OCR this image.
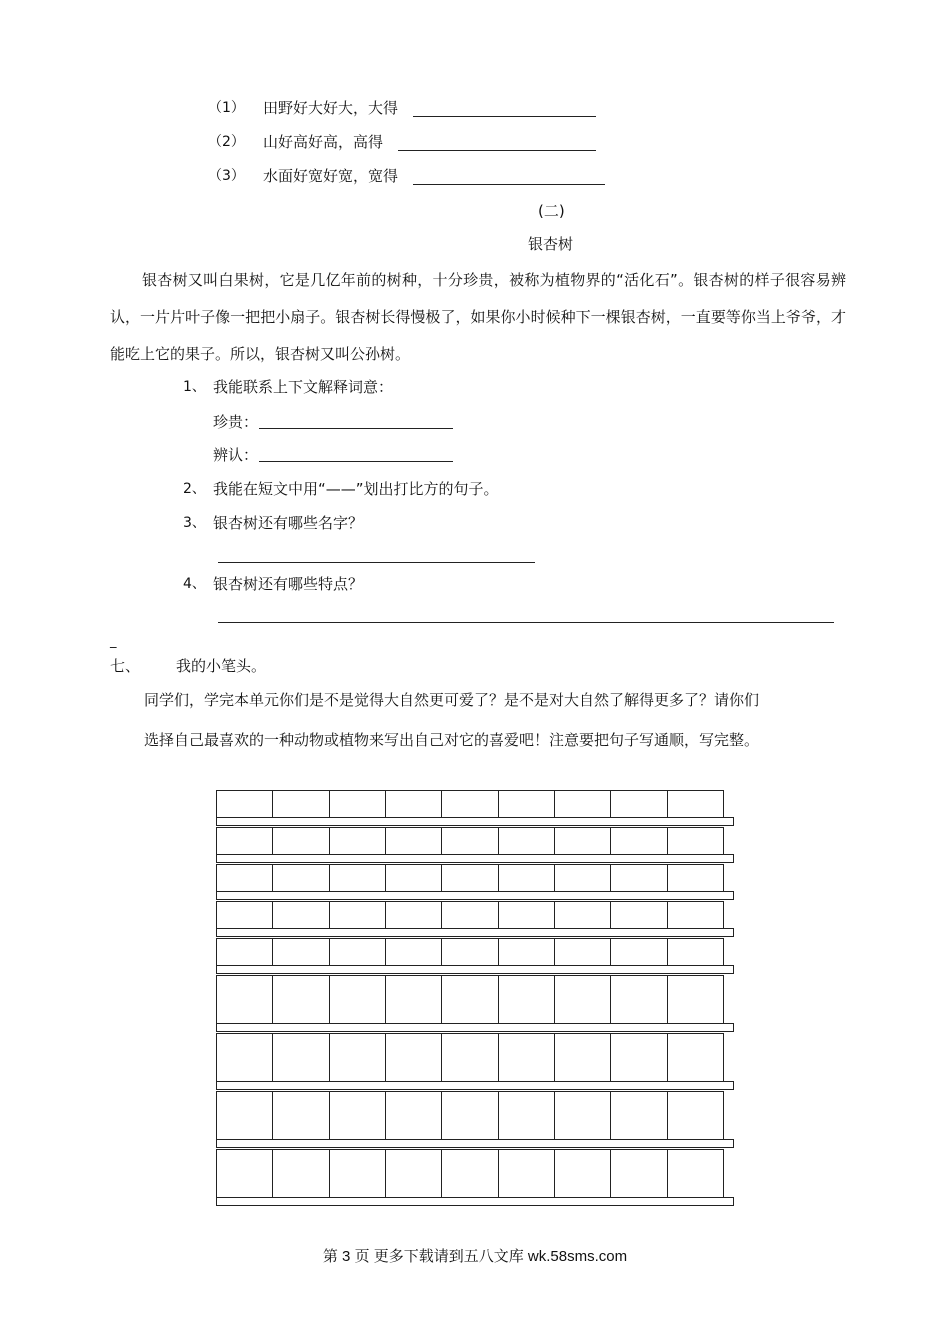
（1） 田野好大好大，大得
（2） 山好高好高，高得
（3） 水面好宽好宽，宽得
(二)
银杏树
银杏树又叫白果树，它是几亿年前的树种，十分珍贵，被称为植物界的“活化石”。银杏树的样子很容易辨认，一片片叶子像一把把小扇子。银杏树长得慢极了，如果你小时候种下一棵银杏树，一直要等你当上爷爷，才能吃上它的果子。所以，银杏树又叫公孙树。
1、 我能联系上下文解释词意：
珍贵：
辨认：
2、 我能在短文中用“——”划出打比方的句子。
3、 银杏树还有哪些名字？
4、 银杏树还有哪些特点？
_
七、 我的小笔头。
同学们，学完本单元你们是不是觉得大自然更可爱了？是不是对大自然了解得更多了？请你们
选择自己最喜欢的一种动物或植物来写出自己对它的喜爱吧！注意要把句子写通顺，写完整。
第 3 页 更多下载请到五八文库 wk.58sms.com
